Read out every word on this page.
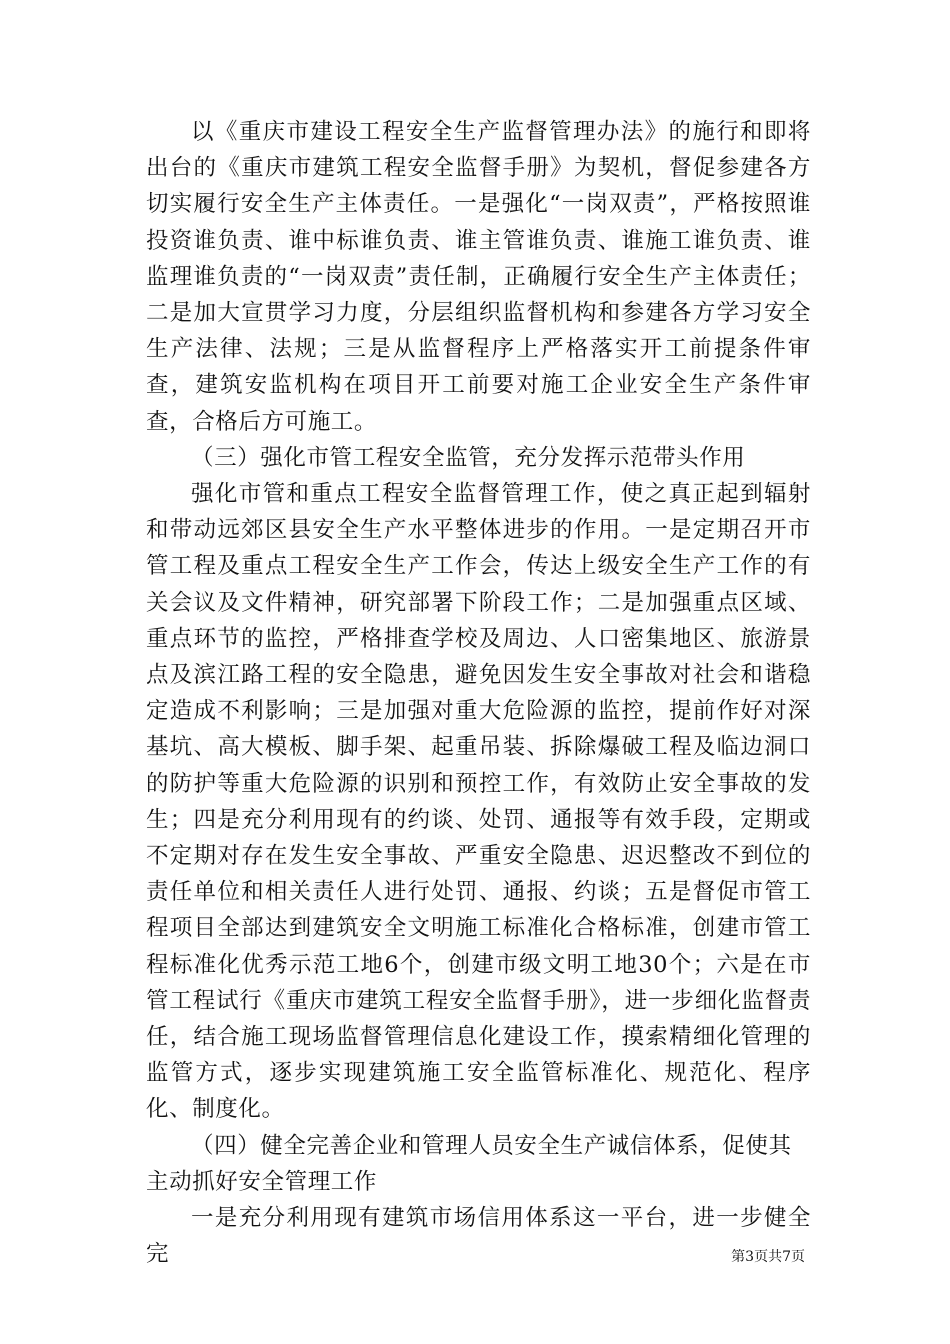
以《重庆市建设工程安全生产监督管理办法》的施行和即将出台的《重庆市建筑工程安全监督手册》为契机，督促参建各方切实履行安全生产主体责任。一是强化“一岗双责”，严格按照谁投资谁负责、谁中标谁负责、谁主管谁负责、谁施工谁负责、谁监理谁负责的“一岗双责”责任制，正确履行安全生产主体责任；二是加大宣贯学习力度，分层组织监督机构和参建各方学习安全生产法律、法规；三是从监督程序上严格落实开工前提条件审查，建筑安监机构在项目开工前要对施工企业安全生产条件审查，合格后方可施工。

（三）强化市管工程安全监管，充分发挥示范带头作用

强化市管和重点工程安全监督管理工作，使之真正起到辐射和带动远郊区县安全生产水平整体进步的作用。一是定期召开市管工程及重点工程安全生产工作会，传达上级安全生产工作的有关会议及文件精神，研究部署下阶段工作；二是加强重点区域、重点环节的监控，严格排查学校及周边、人口密集地区、旅游景点及滨江路工程的安全隐患，避免因发生安全事故对社会和谐稳定造成不利影响；三是加强对重大危险源的监控，提前作好对深基坑、高大模板、脚手架、起重吊装、拆除爆破工程及临边洞口的防护等重大危险源的识别和预控工作，有效防止安全事故的发生；四是充分利用现有的约谈、处罚、通报等有效手段，定期或不定期对存在发生安全事故、严重安全隐患、迟迟整改不到位的责任单位和相关责任人进行处罚、通报、约谈；五是督促市管工程项目全部达到建筑安全文明施工标准化合格标准，创建市管工程标准化优秀示范工地6个，创建市级文明工地30个；六是在市管工程试行《重庆市建筑工程安全监督手册》，进一步细化监督责任，结合施工现场监督管理信息化建设工作，摸索精细化管理的监管方式，逐步实现建筑施工安全监管标准化、规范化、程序化、制度化。

（四）健全完善企业和管理人员安全生产诚信体系，促使其主动抓好安全管理工作

一是充分利用现有建筑市场信用体系这一平台，进一步健全完	第3页共7页
